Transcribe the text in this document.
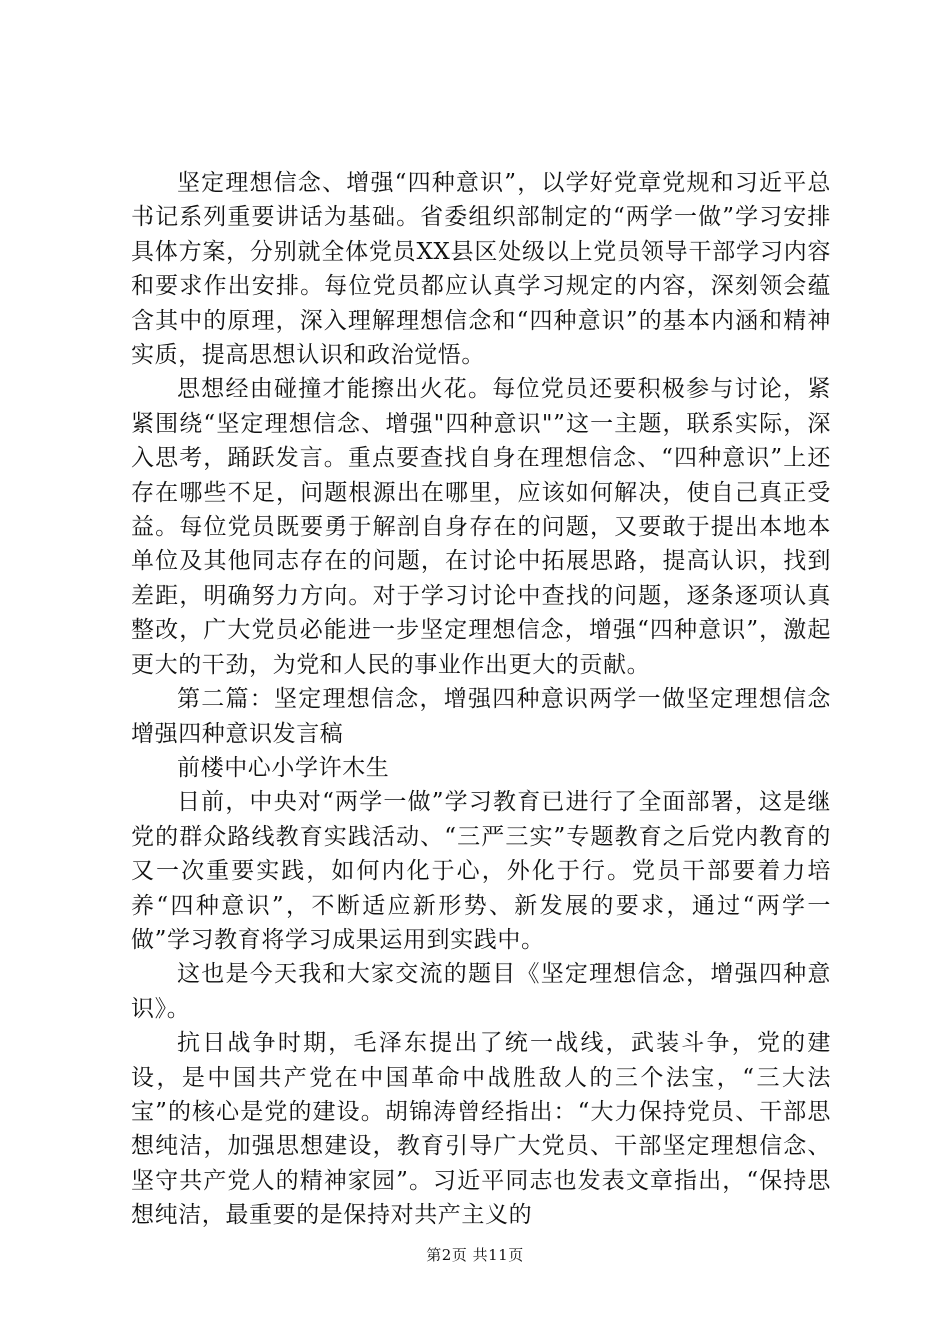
坚定理想信念、增强“四种意识”，以学好党章党规和习近平总书记系列重要讲话为基础。省委组织部制定的“两学一做”学习安排具体方案，分别就全体党员XX县区处级以上党员领导干部学习内容和要求作出安排。每位党员都应认真学习规定的内容，深刻领会蕴含其中的原理，深入理解理想信念和“四种意识”的基本内涵和精神实质，提高思想认识和政治觉悟。

思想经由碰撞才能擦出火花。每位党员还要积极参与讨论，紧紧围绕“坚定理想信念、增强"四种意识"”这一主题，联系实际，深入思考，踊跃发言。重点要查找自身在理想信念、“四种意识”上还存在哪些不足，问题根源出在哪里，应该如何解决，使自己真正受益。每位党员既要勇于解剖自身存在的问题，又要敢于提出本地本单位及其他同志存在的问题，在讨论中拓展思路，提高认识，找到差距，明确努力方向。对于学习讨论中查找的问题，逐条逐项认真整改，广大党员必能进一步坚定理想信念，增强“四种意识”，激起更大的干劲，为党和人民的事业作出更大的贡献。

第二篇：坚定理想信念，增强四种意识两学一做坚定理想信念增强四种意识发言稿

前楼中心小学许木生

日前，中央对“两学一做”学习教育已进行了全面部署，这是继党的群众路线教育实践活动、“三严三实”专题教育之后党内教育的又一次重要实践，如何内化于心，外化于行。党员干部要着力培养“四种意识”，不断适应新形势、新发展的要求，通过“两学一做”学习教育将学习成果运用到实践中。

这也是今天我和大家交流的题目《坚定理想信念，增强四种意识》。

抗日战争时期，毛泽东提出了统一战线，武装斗争，党的建设，是中国共产党在中国革命中战胜敌人的三个法宝，“三大法宝”的核心是党的建设。胡锦涛曾经指出：“大力保持党员、干部思想纯洁，加强思想建设，教育引导广大党员、干部坚定理想信念、坚守共产党人的精神家园”。习近平同志也发表文章指出，“保持思想纯洁，最重要的是保持对共产主义的

第2页 共11页
